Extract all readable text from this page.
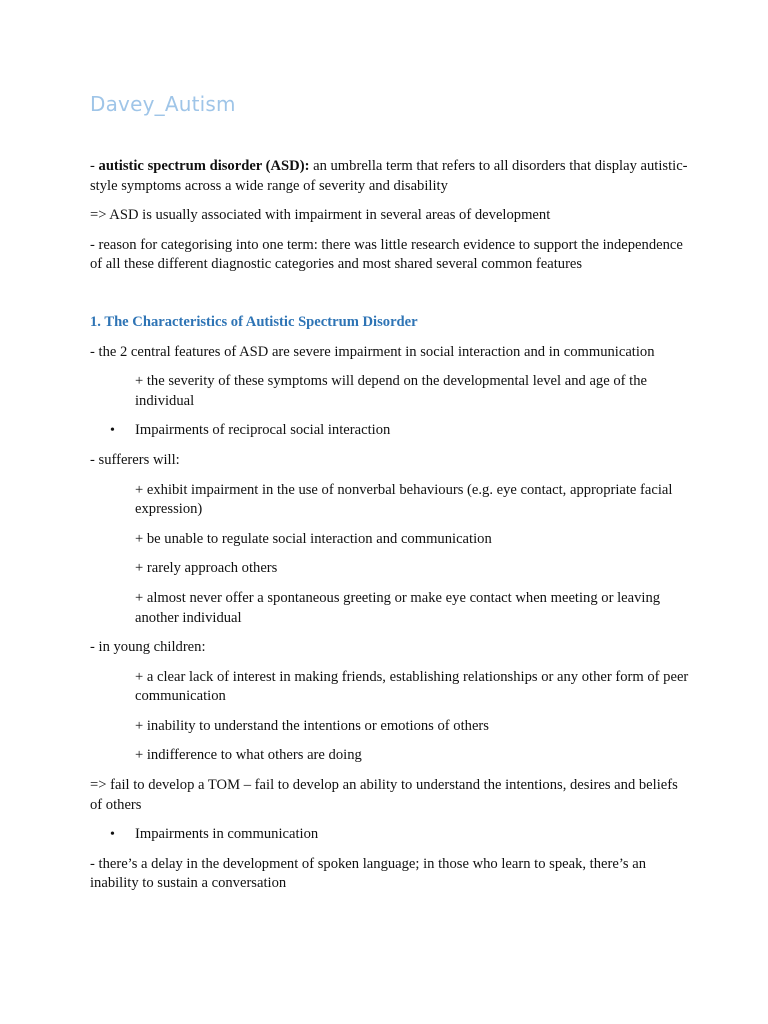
Davey_Autism

- autistic spectrum disorder (ASD): an umbrella term that refers to all disorders that display autistic-style symptoms across a wide range of severity and disability

=> ASD is usually associated with impairment in several areas of development

- reason for categorising into one term: there was little research evidence to support the independence of all these different diagnostic categories and most shared several common features

1. The Characteristics of Autistic Spectrum Disorder

- the 2 central features of ASD are severe impairment in social interaction and in communication

+ the severity of these symptoms will depend on the developmental level and age of the individual

• Impairments of reciprocal social interaction

- sufferers will:

+ exhibit impairment in the use of nonverbal behaviours (e.g. eye contact, appropriate facial expression)

+ be unable to regulate social interaction and communication

+ rarely approach others

+ almost never offer a spontaneous greeting or make eye contact when meeting or leaving another individual

- in young children:

+ a clear lack of interest in making friends, establishing relationships or any other form of peer communication

+ inability to understand the intentions or emotions of others

+ indifference to what others are doing

=> fail to develop a TOM – fail to develop an ability to understand the intentions, desires and beliefs of others

• Impairments in communication

- there’s a delay in the development of spoken language; in those who learn to speak, there’s an inability to sustain a conversation
